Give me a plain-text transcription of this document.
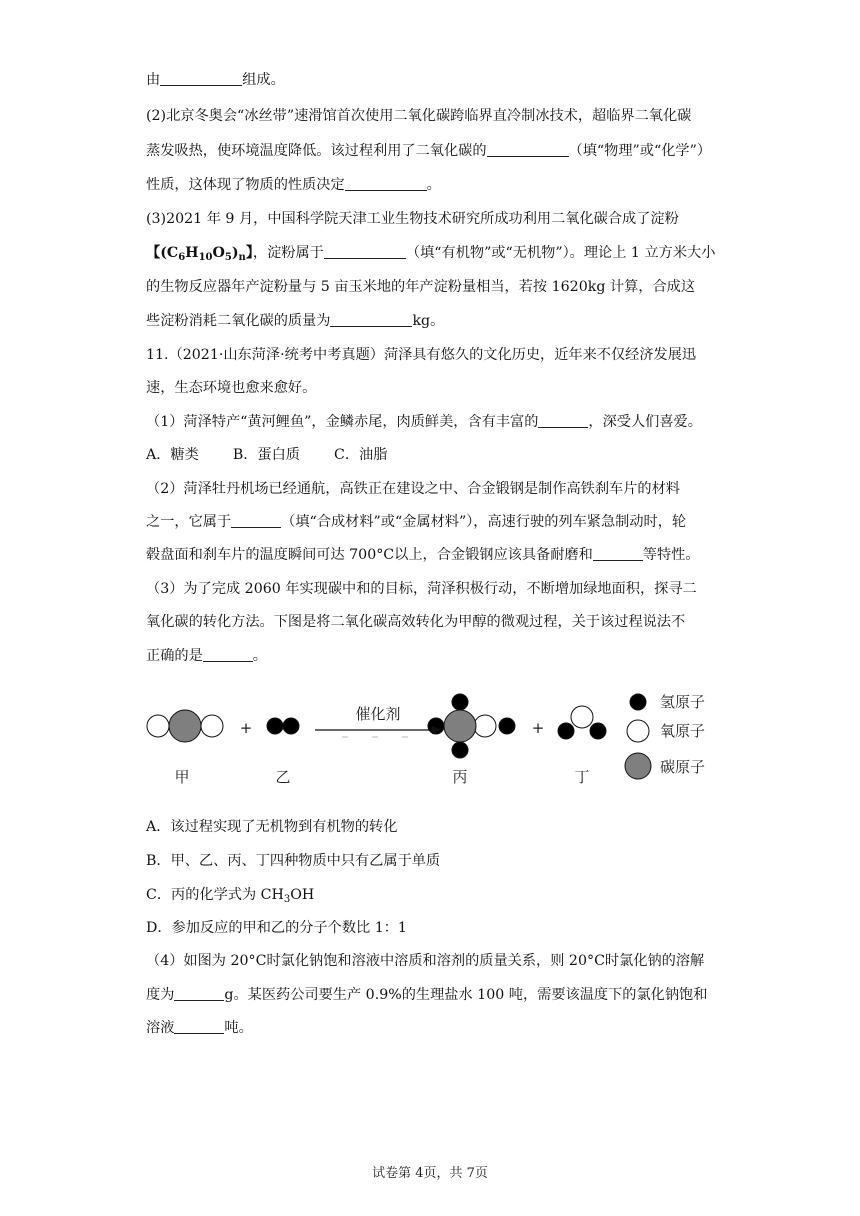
由	组成。
(2)北京冬奥会“冰丝带”速滑馆首次使用二氧化碳跨临界直冷制冰技术，超临界二氧化碳
蒸发吸热，使环境温度降低。该过程利用了二氧化碳的	（填“物理”或“化学”）
性质，这体现了物质的性质决定	。
(3)2021 年 9 月，中国科学院天津工业生物技术研究所成功利用二氧化碳合成了淀粉
【$(C_6H_{10}O_5)_n$】，淀粉属于	（填“有机物”或“无机物”）。理论上 1 立方米大小
的生物反应器年产淀粉量与 5 亩玉米地的年产淀粉量相当，若按 1620kg 计算，合成这
些淀粉消耗二氧化碳的质量为	kg。
11.（2021·山东菏泽·统考中考真题）菏泽具有悠久的文化历史，近年来不仅经济发展迅
速，生态环境也愈来愈好。
（1）菏泽特产“黄河鲤鱼”，金鳞赤尾，肉质鲜美，含有丰富的	，深受人们喜爱。
A．糖类 B．蛋白质 C．油脂
（2）菏泽牡丹机场已经通航，高铁正在建设之中、合金锻钢是制作高铁刹车片的材料
之一，它属于	（填“合成材料”或“金属材料”），高速行驶的列车紧急制动时，轮
毂盘面和刹车片的温度瞬间可达 700°C以上，合金锻钢应该具备耐磨和	等特性。
（3）为了完成 2060 年实现碳中和的目标，菏泽积极行动，不断增加绿地面积，探寻二
氧化碳的转化方法。下图是将二氧化碳高效转化为甲醇的微观过程，关于该过程说法不
正确的是	。
催化剂
+	+
甲	乙	丙	丁
氢原子
氧原子
碳原子
A．该过程实现了无机物到有机物的转化
B．甲、乙、丙、丁四种物质中只有乙属于单质
C．丙的化学式为 $CH_3OH$
D．参加反应的甲和乙的分子个数比 1：1
（4）如图为 20°C时氯化钠饱和溶液中溶质和溶剂的质量关系，则 20°C时氯化钠的溶解
度为	g。某医药公司要生产 0.9%的生理盐水 100 吨，需要该温度下的氯化钠饱和
溶液	吨。
试卷第 4页，共 7页
